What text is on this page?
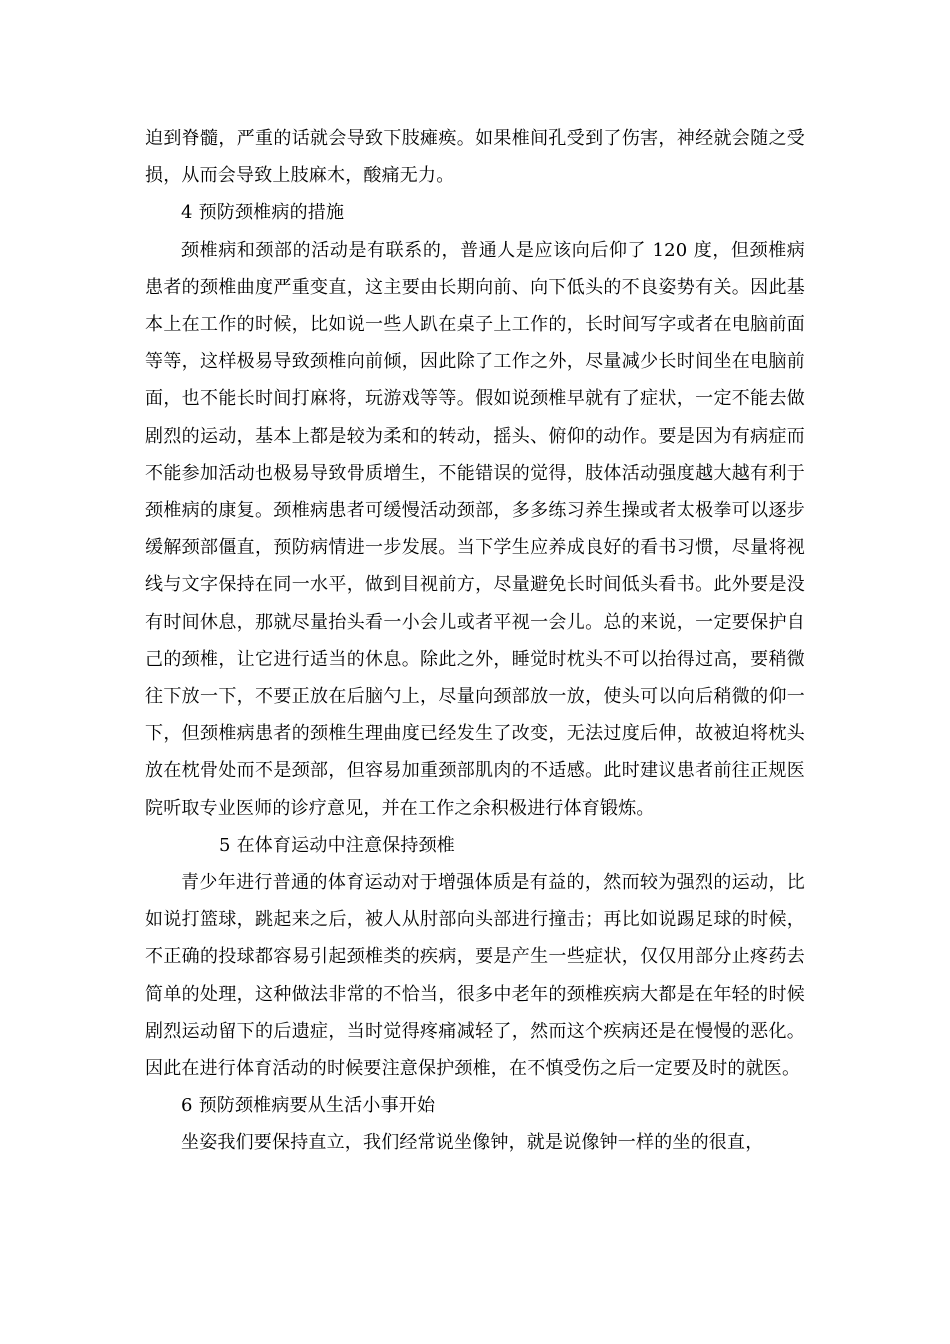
迫到脊髓，严重的话就会导致下肢瘫痪。如果椎间孔受到了伤害，神经就会随之受损，从而会导致上肢麻木，酸痛无力。

4 预防颈椎病的措施

颈椎病和颈部的活动是有联系的，普通人是应该向后仰了 120 度，但颈椎病患者的颈椎曲度严重变直，这主要由长期向前、向下低头的不良姿势有关。因此基本上在工作的时候，比如说一些人趴在桌子上工作的，长时间写字或者在电脑前面等等，这样极易导致颈椎向前倾，因此除了工作之外，尽量减少长时间坐在电脑前面，也不能长时间打麻将，玩游戏等等。假如说颈椎早就有了症状，一定不能去做剧烈的运动，基本上都是较为柔和的转动，摇头、俯仰的动作。要是因为有病症而不能参加活动也极易导致骨质增生，不能错误的觉得，肢体活动强度越大越有利于颈椎病的康复。颈椎病患者可缓慢活动颈部，多多练习养生操或者太极拳可以逐步缓解颈部僵直，预防病情进一步发展。当下学生应养成良好的看书习惯，尽量将视线与文字保持在同一水平，做到目视前方，尽量避免长时间低头看书。此外要是没有时间休息，那就尽量抬头看一小会儿或者平视一会儿。总的来说，一定要保护自己的颈椎，让它进行适当的休息。除此之外，睡觉时枕头不可以抬得过高，要稍微往下放一下，不要正放在后脑勺上，尽量向颈部放一放，使头可以向后稍微的仰一下，但颈椎病患者的颈椎生理曲度已经发生了改变，无法过度后伸，故被迫将枕头放在枕骨处而不是颈部，但容易加重颈部肌肉的不适感。此时建议患者前往正规医院听取专业医师的诊疗意见，并在工作之余积极进行体育锻炼。

5 在体育运动中注意保持颈椎

青少年进行普通的体育运动对于增强体质是有益的，然而较为强烈的运动，比如说打篮球，跳起来之后，被人从肘部向头部进行撞击；再比如说踢足球的时候，不正确的投球都容易引起颈椎类的疾病，要是产生一些症状，仅仅用部分止疼药去简单的处理，这种做法非常的不恰当，很多中老年的颈椎疾病大都是在年轻的时候剧烈运动留下的后遗症，当时觉得疼痛减轻了，然而这个疾病还是在慢慢的恶化。因此在进行体育活动的时候要注意保护颈椎，在不慎受伤之后一定要及时的就医。

6 预防颈椎病要从生活小事开始

坐姿我们要保持直立，我们经常说坐像钟，就是说像钟一样的坐的很直，
